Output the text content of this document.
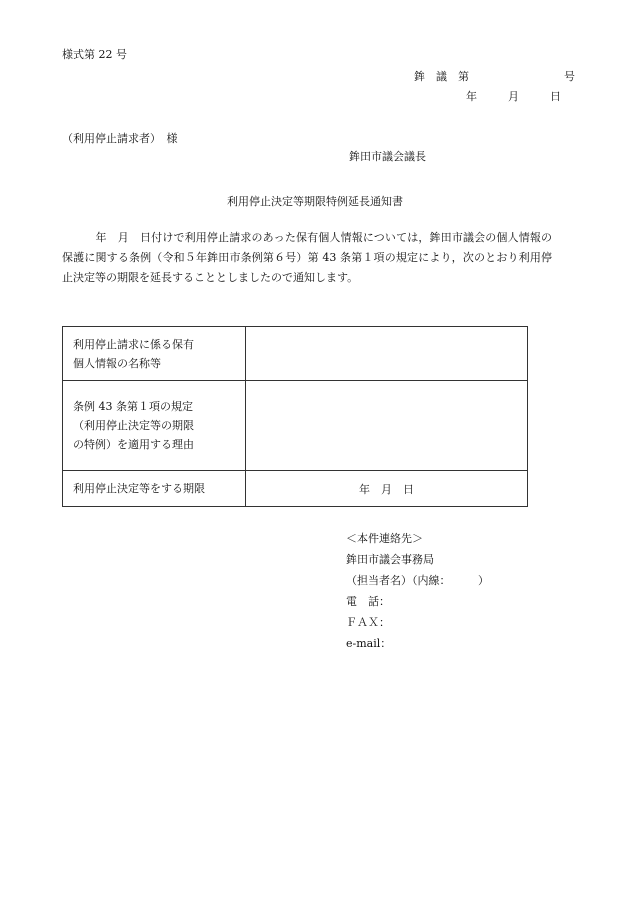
様式第 22 号
鉾　議　第	号
年	月	日
（利用停止請求者）　様
鉾田市議会議長
利用停止決定等期限特例延長通知書
　　　年　月　日付けで利用停止請求のあった保有個人情報については，鉾田市議会の個人情報の保護に関する条例（令和５年鉾田市条例第６号）第 43 条第１項の規定により，次のとおり利用停止決定等の期限を延長することとしましたので通知します。
利用停止請求に係る保有
個人情報の名称等	

条例 43 条第１項の規定
（利用停止決定等の期限
の特例）を適用する理由	

利用停止決定等をする期限	年　月　日
＜本件連絡先＞
鉾田市議会事務局
（担当者名）（内線：　　　）
電　話：
ＦＡＸ：
e-mail：
